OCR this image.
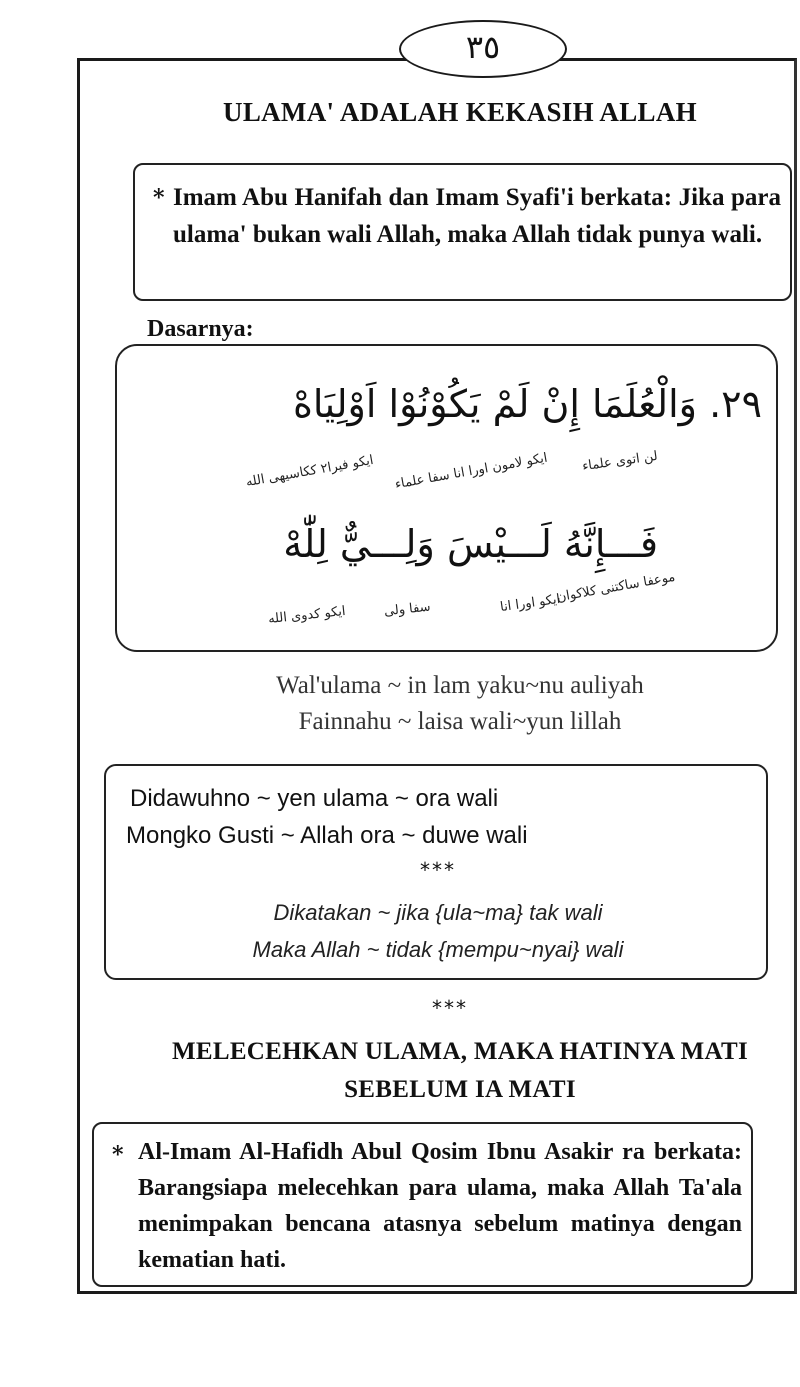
٣٥
ULAMA' ADALAH KEKASIH ALLAH
* Imam Abu Hanifah dan Imam Syafi'i berkata: Jika para ulama' bukan wali Allah, maka Allah tidak punya wali.
Dasarnya:
٢٩. وَالْعُلَمَا إِنْ لَمْ يَكُوْنُوْا اَوْلِيَاهْ
لن اتوى علماء
ايكو لامون اورا انا سفا علماء
ايكو فيرا٢ ككاسيهى الله
فَـــإِنَّهُ لَـــيْسَ وَلِـــيٌّ لِلّٰهْ
موعفا ساكتنى كلاكوان
ايكو اورا انا
سفا ولى
ايكو كدوى الله
Wal'ulama ~ in lam yaku~nu auliyah
Fainnahu ~ laisa wali~yun lillah
Didawuhno ~ yen ulama ~ ora wali
Mongko Gusti ~ Allah ora ~ duwe wali
***
Dikatakan ~ jika {ula~ma} tak wali
Maka Allah ~ tidak {mempu~nyai} wali
***
MELECEHKAN ULAMA, MAKA HATINYA MATI
SEBELUM IA MATI
* Al-Imam Al-Hafidh Abul Qosim Ibnu Asakir ra berkata: Barangsiapa melecehkan para ulama, maka Allah Ta'ala menimpakan bencana atasnya sebelum matinya dengan kematian hati.
